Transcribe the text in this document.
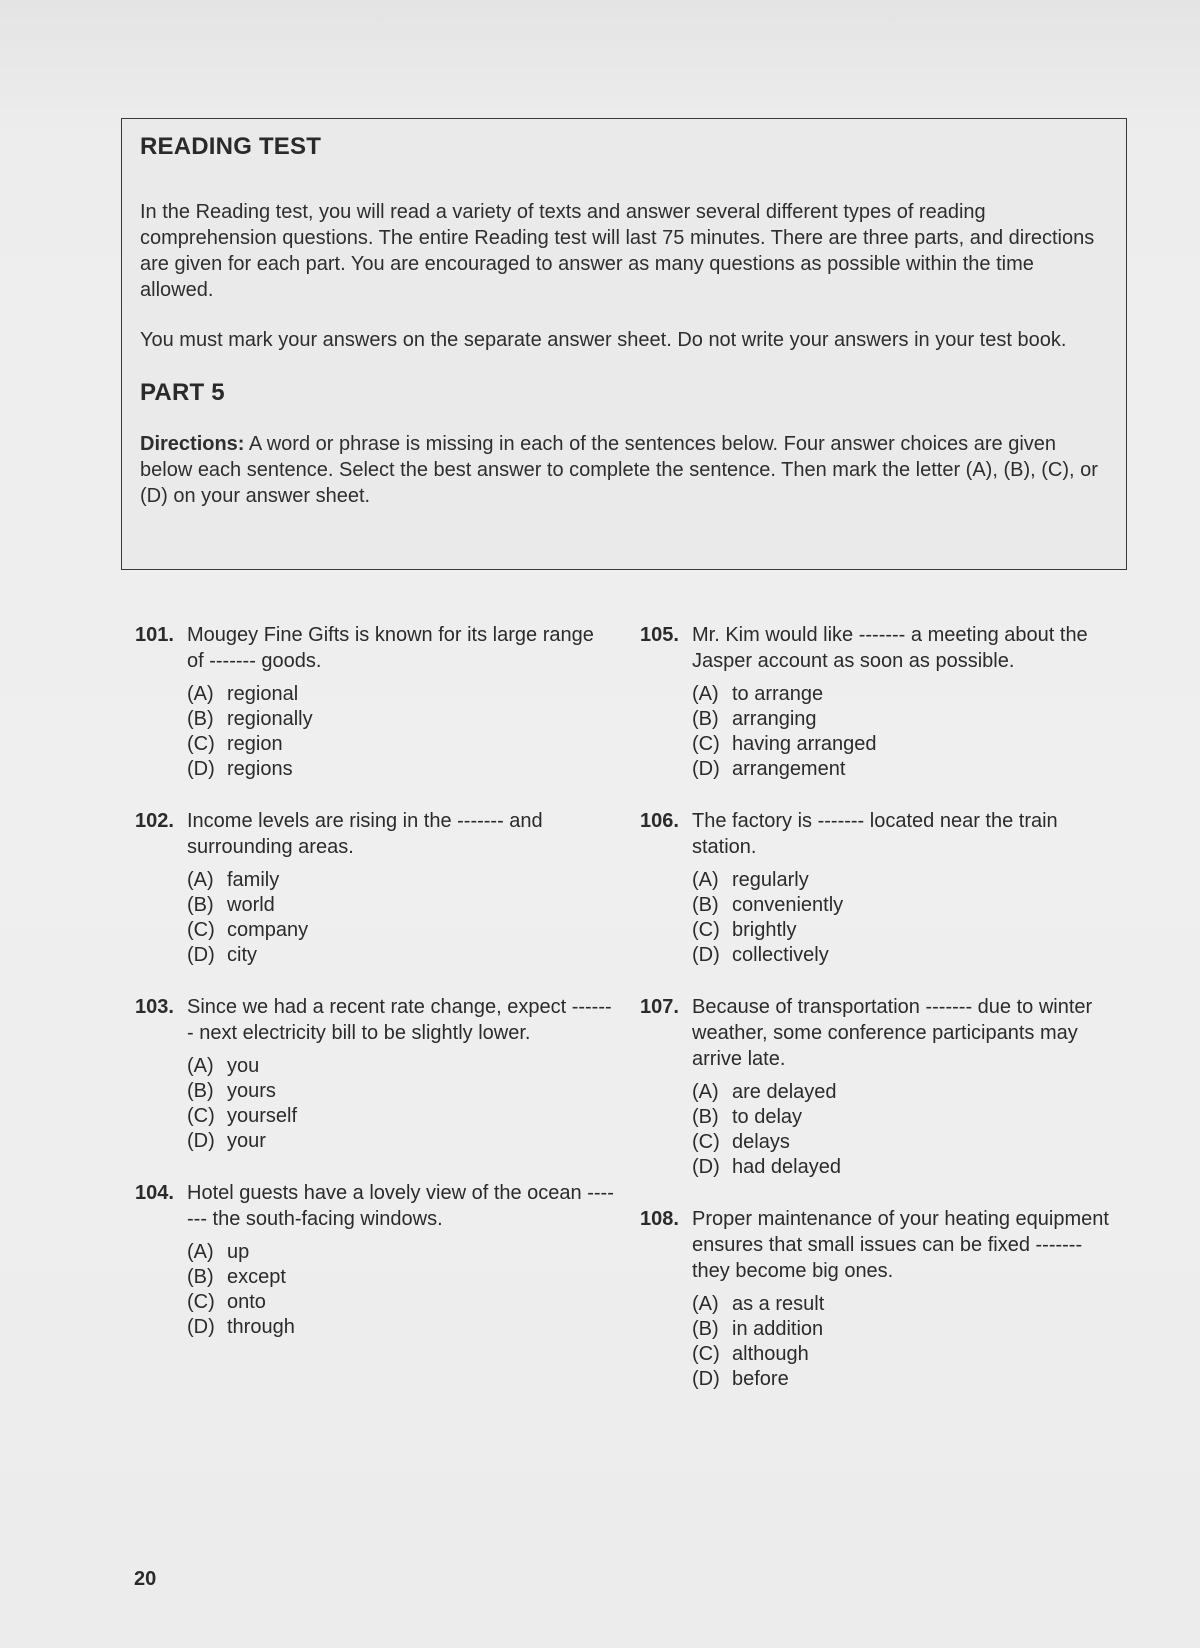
READING TEST

In the Reading test, you will read a variety of texts and answer several different types of reading comprehension questions. The entire Reading test will last 75 minutes. There are three parts, and directions are given for each part. You are encouraged to answer as many questions as possible within the time allowed.

You must mark your answers on the separate answer sheet. Do not write your answers in your test book.

PART 5

Directions: A word or phrase is missing in each of the sentences below. Four answer choices are given below each sentence. Select the best answer to complete the sentence. Then mark the letter (A), (B), (C), or (D) on your answer sheet.

101. Mougey Fine Gifts is known for its large range of ------- goods.

(A) regional
(B) regionally
(C) region
(D) regions
102. Income levels are rising in the ------- and surrounding areas.

(A) family
(B) world
(C) company
(D) city
103. Since we had a recent rate change, expect ------- next electricity bill to be slightly lower.

(A) you
(B) yours
(C) yourself
(D) your
104. Hotel guests have a lovely view of the ocean ------- the south-facing windows.

(A) up
(B) except
(C) onto
(D) through
105. Mr. Kim would like ------- a meeting about the Jasper account as soon as possible.

(A) to arrange
(B) arranging
(C) having arranged
(D) arrangement
106. The factory is ------- located near the train station.

(A) regularly
(B) conveniently
(C) brightly
(D) collectively
107. Because of transportation ------- due to winter weather, some conference participants may arrive late.

(A) are delayed
(B) to delay
(C) delays
(D) had delayed
108. Proper maintenance of your heating equipment ensures that small issues can be fixed ------- they become big ones.

(A) as a result
(B) in addition
(C) although
(D) before
20
